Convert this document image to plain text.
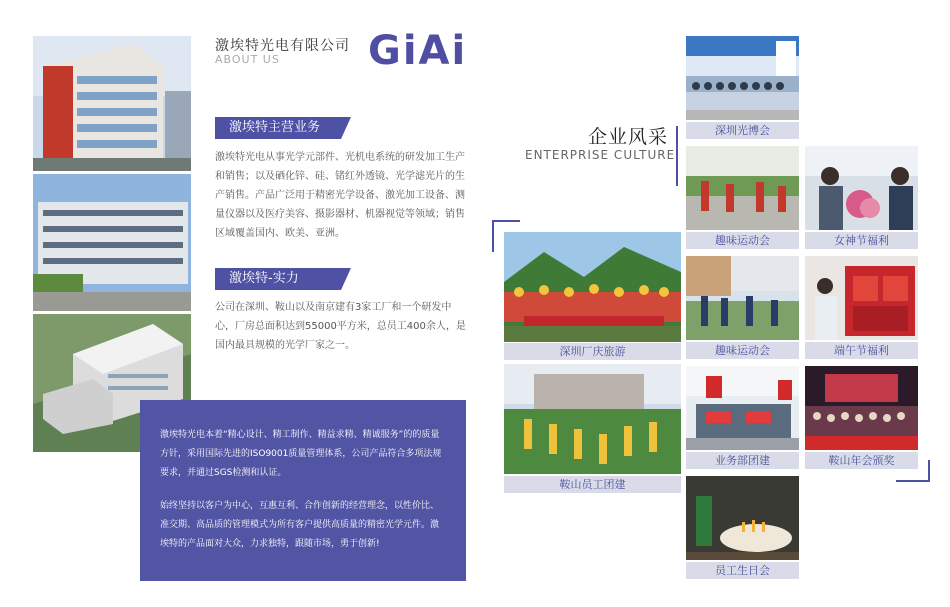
激埃特光电有限公司
ABOUT US GiAi
激埃特主营业务
激埃特光电从事光学元部件、光机电系统的研发加工生产和销售；以及硒化锌、硅、锗红外透镜、光学滤光片的生产销售。产品广泛用于精密光学设备、激光加工设备、测量仪器以及医疗美容、摄影器材、机器视觉等领域；销售区域覆盖国内、欧美、亚洲。
激埃特-实力
公司在深圳、鞍山以及南京建有3家工厂和一个研发中心，厂房总面积达到55000平方米，总员工400余人，是国内最具规模的光学厂家之一。

激埃特光电本着“精心设计、精工制作、精益求精、精诚服务”的的质量方针，采用国际先进的ISO9001质量管理体系，公司产品符合多项法规要求，并通过SGS检测和认证。

始终坚持以客户为中心，互惠互利、合作创新的经营理念，以性价比、准交期、高品质的管理模式为所有客户提供高质量的精密光学元件。激埃特的产品面对大众，力求独特，跟随市场，勇于创新!

企业风采
ENTERPRISE CULTURE
深圳光博会
趣味运动会	女神节福利
深圳厂庆旅游	趣味运动会	端午节福利
鞍山员工团建
业务部团建	鞍山年会颁奖
员工生日会
